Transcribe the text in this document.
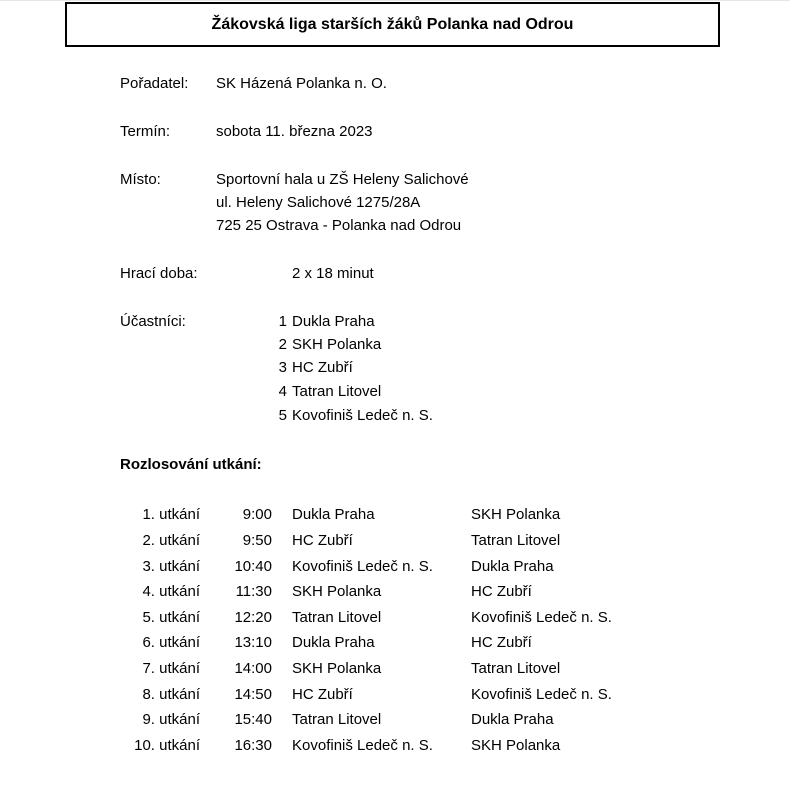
Žákovská liga starších žáků Polanka nad Odrou
Pořadatel: SK Házená Polanka n. O.
Termín:	sobota 11. března 2023
Místo:	Sportovní hala u ZŠ Heleny Salichové
ul. Heleny Salichové 1275/28A
725 25 Ostrava - Polanka nad Odrou
Hrací doba:	2 x 18 minut
Účastníci:	1 Dukla Praha
2 SKH Polanka
3 HC Zubří
4 Tatran Litovel
5 Kovofiniš Ledeč n. S.
Rozlosování utkání:
1. utkání	9:00 Dukla Praha	SKH Polanka
2. utkání	9:50 HC Zubří	Tatran Litovel
3. utkání	10:40 Kovofiniš Ledeč n. S.	Dukla Praha
4. utkání	11:30 SKH Polanka	HC Zubří
5. utkání	12:20 Tatran Litovel	Kovofiniš Ledeč n. S.
6. utkání	13:10 Dukla Praha	HC Zubří
7. utkání	14:00 SKH Polanka	Tatran Litovel
8. utkání	14:50 HC Zubří	Kovofiniš Ledeč n. S.
9. utkání	15:40 Tatran Litovel	Dukla Praha
10. utkání	16:30 Kovofiniš Ledeč n. S.	SKH Polanka
